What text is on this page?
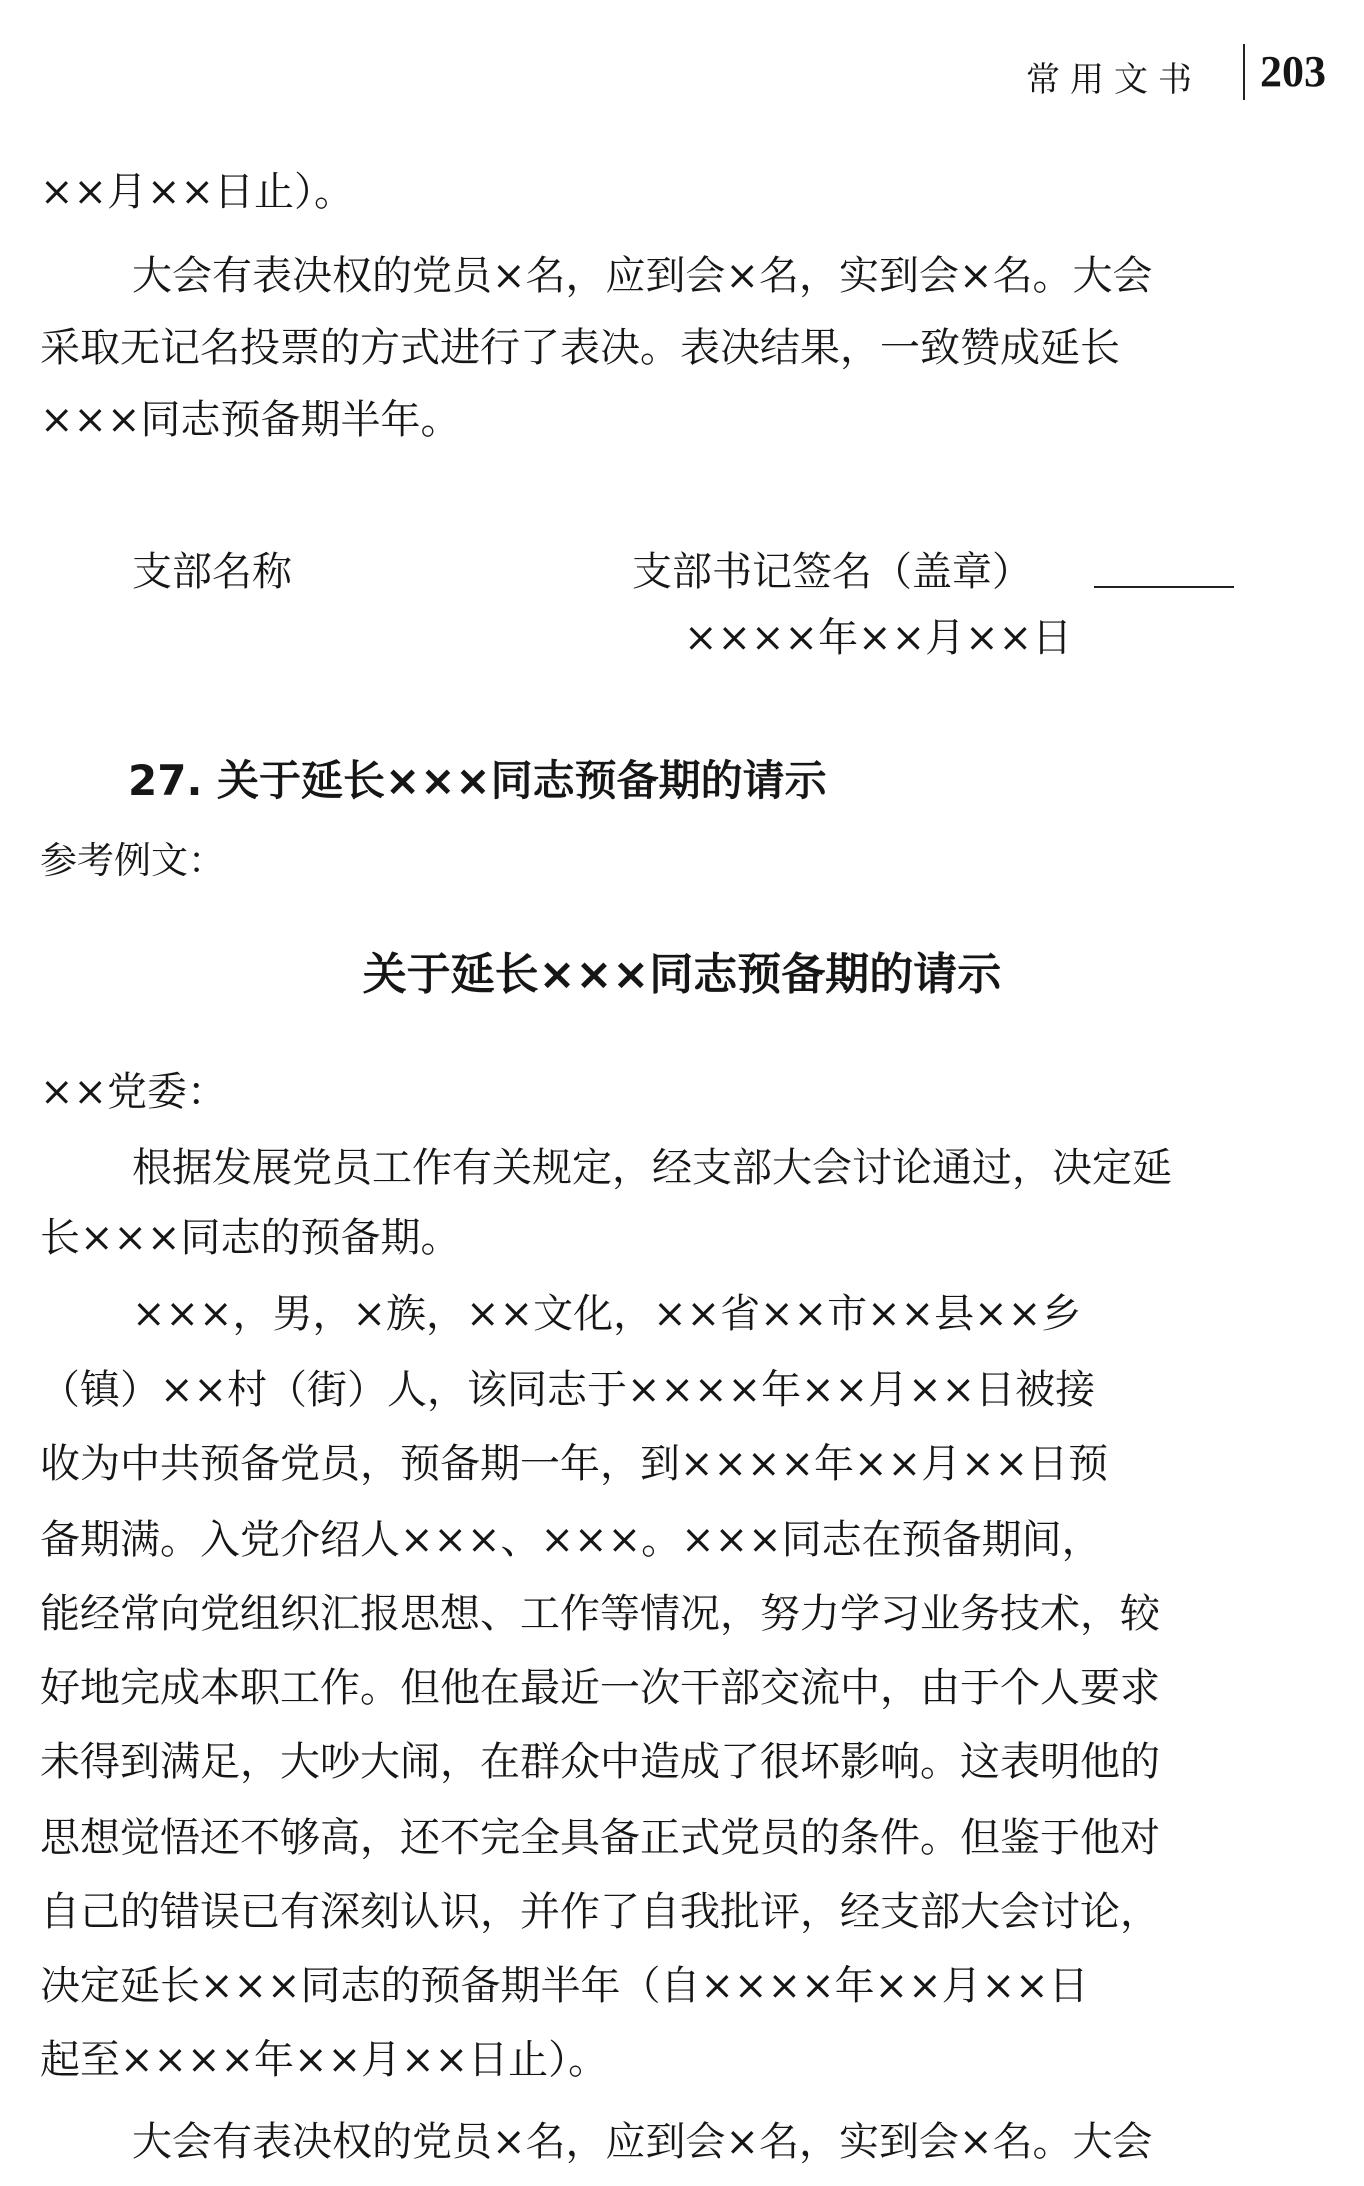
常用文书 203
××月××日止）。
大会有表决权的党员×名，应到会×名，实到会×名。大会
采取无记名投票的方式进行了表决。表决结果，一致赞成延长
×××同志预备期半年。
支部名称	支部书记签名（盖章）
××××年××月××日
27. 关于延长×××同志预备期的请示
参考例文：
关于延长×××同志预备期的请示
××党委：
根据发展党员工作有关规定，经支部大会讨论通过，决定延
长×××同志的预备期。
×××，男，×族，××文化，××省××市××县××乡
（镇）××村（街）人，该同志于××××年××月××日被接
收为中共预备党员，预备期一年，到××××年××月××日预
备期满。入党介绍人×××、×××。×××同志在预备期间，
能经常向党组织汇报思想、工作等情况，努力学习业务技术，较
好地完成本职工作。但他在最近一次干部交流中，由于个人要求
未得到满足，大吵大闹，在群众中造成了很坏影响。这表明他的
思想觉悟还不够高，还不完全具备正式党员的条件。但鉴于他对
自己的错误已有深刻认识，并作了自我批评，经支部大会讨论，
决定延长×××同志的预备期半年（自××××年××月××日
起至××××年××月××日止）。
大会有表决权的党员×名，应到会×名，实到会×名。大会
